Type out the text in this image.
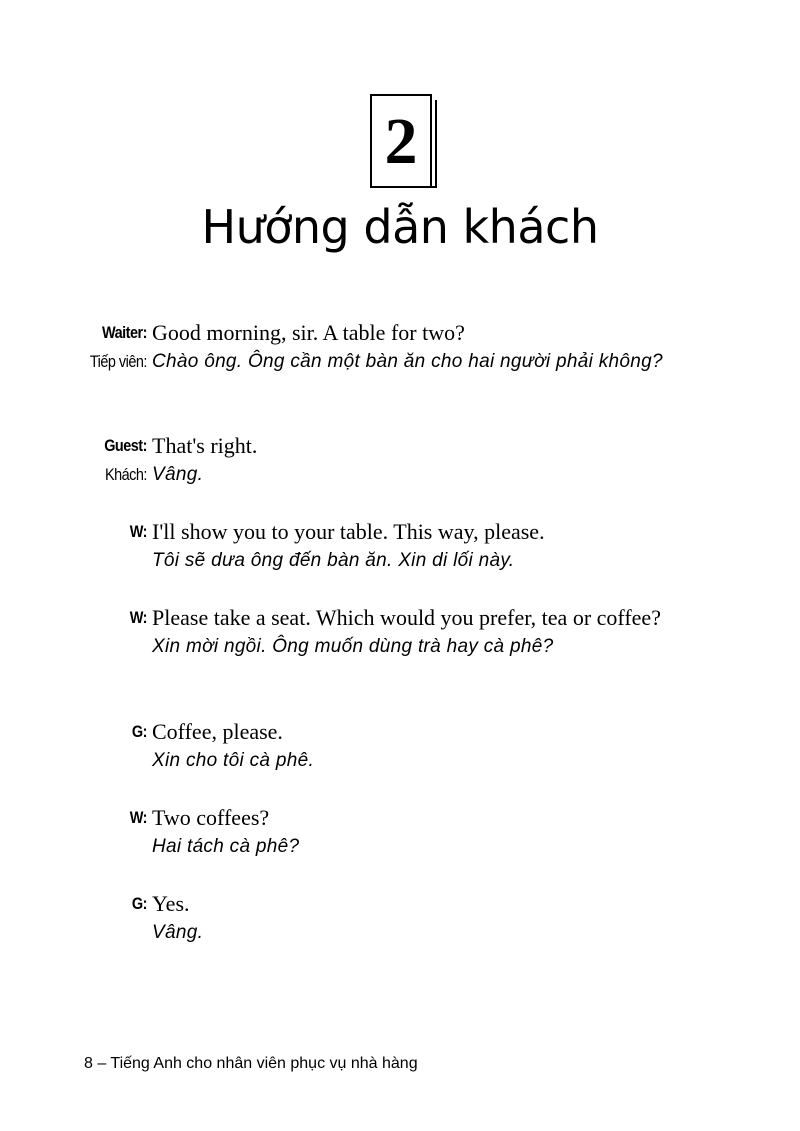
2
Hướng dẫn khách
Waiter: Good morning, sir. A table for two?
Tiếp viên: Chào ông. Ông cần một bàn ăn cho hai người phải không?
Guest: That's right.
Khách: Vâng.
W: I'll show you to your table. This way, please.
Tôi sẽ dưa ông đến bàn ăn. Xin di lối này.
W: Please take a seat. Which would you prefer, tea or coffee?
Xin mời ngồi. Ông muốn dùng trà hay cà phê?
G: Coffee, please.
Xin cho tôi cà phê.
W: Two coffees?
Hai tách cà phê?
G: Yes.
Vâng.
8 – Tiếng Anh cho nhân viên phục vụ nhà hàng
